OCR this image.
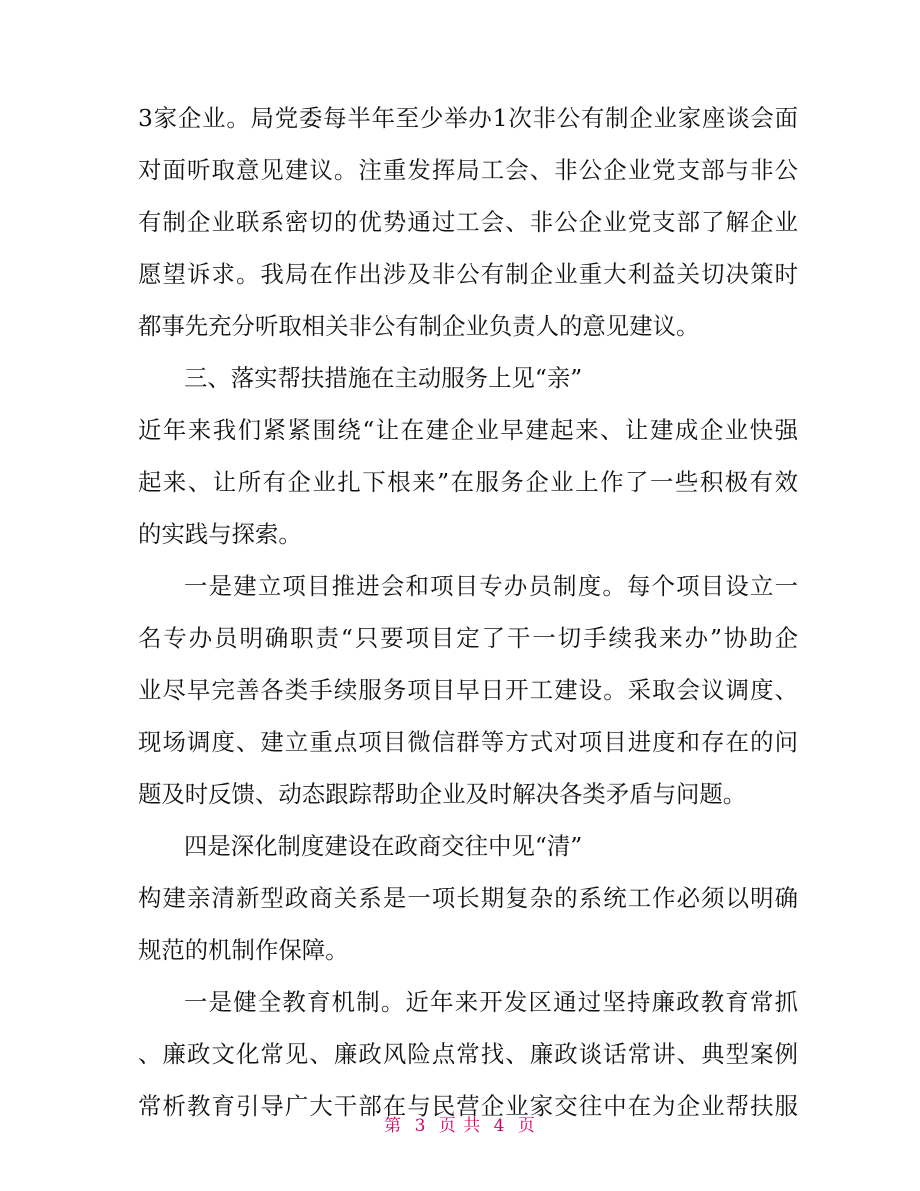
3家企业。局党委每半年至少举办1次非公有制企业家座谈会面
对面听取意见建议。注重发挥局工会、非公企业党支部与非公
有制企业联系密切的优势通过工会、非公企业党支部了解企业
愿望诉求。我局在作出涉及非公有制企业重大利益关切决策时
都事先充分听取相关非公有制企业负责人的意见建议。
三、落实帮扶措施在主动服务上见“亲”
近年来我们紧紧围绕“让在建企业早建起来、让建成企业快强
起来、让所有企业扎下根来”在服务企业上作了一些积极有效
的实践与探索。
一是建立项目推进会和项目专办员制度。每个项目设立一
名专办员明确职责“只要项目定了干一切手续我来办”协助企
业尽早完善各类手续服务项目早日开工建设。采取会议调度、
现场调度、建立重点项目微信群等方式对项目进度和存在的问
题及时反馈、动态跟踪帮助企业及时解决各类矛盾与问题。
四是深化制度建设在政商交往中见“清”
构建亲清新型政商关系是一项长期复杂的系统工作必须以明确
规范的机制作保障。
一是健全教育机制。近年来开发区通过坚持廉政教育常抓
、廉政文化常见、廉政风险点常找、廉政谈话常讲、典型案例
常析教育引导广大干部在与民营企业家交往中在为企业帮扶服
第 3 页 共 4 页
